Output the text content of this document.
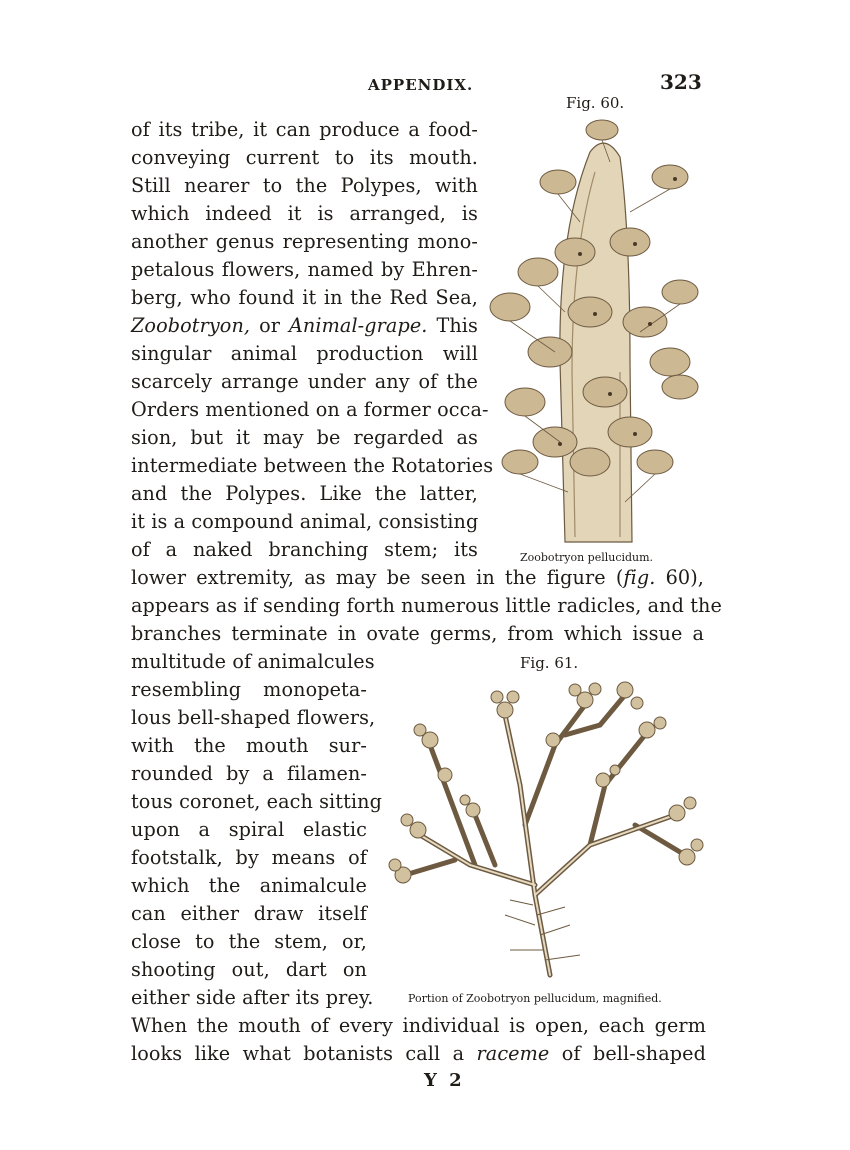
APPENDIX.	323
Fig. 60.
Zoobotryon pellucidum.
of its tribe, it can produce a food-
conveying current to its mouth.
Still nearer to the Polypes, with
which indeed it is arranged, is
another genus representing mono-
petalous flowers, named by Ehren-
berg, who found it in the Red Sea,
Zoobotryon, or Animal-grape. This
singular animal production will
scarcely arrange under any of the
Orders mentioned on a former occa-
sion, but it may be regarded as
intermediate between the Rotatories
and the Polypes. Like the latter,
it is a compound animal, consisting
of a naked branching stem; its
lower extremity, as may be seen in the figure (fig. 60),
appears as if sending forth numerous little radicles, and the
branches terminate in ovate germs, from which issue a
Fig. 61.
multitude of animalcules
resembling monopeta-
lous bell-shaped flowers,
with the mouth sur-
rounded by a filamen-
tous coronet, each sitting
upon a spiral elastic
footstalk, by means of
which the animalcule
can either draw itself
close to the stem, or,
shooting out, dart on
either side after its prey.	Portion of Zoobotryon pellucidum, magnified.
When the mouth of every individual is open, each germ
looks like what botanists call a raceme of bell-shaped
Y 2
